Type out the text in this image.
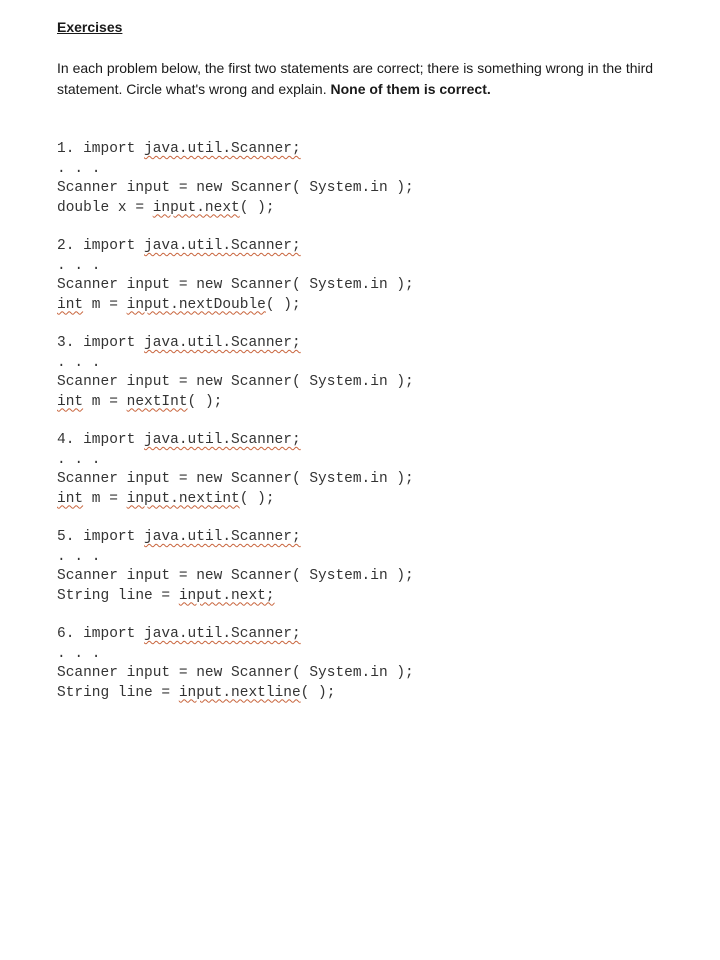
Exercises
In each problem below, the first two statements are correct; there is something wrong in the third statement. Circle what's wrong and explain. None of them is correct.
1. import java.util.Scanner;
. . .
Scanner input = new Scanner( System.in );
double x = input.next( );
2. import java.util.Scanner;
. . .
Scanner input = new Scanner( System.in );
int m = input.nextDouble( );
3. import java.util.Scanner;
. . .
Scanner input = new Scanner( System.in );
int m = nextInt( );
4. import java.util.Scanner;
. . .
Scanner input = new Scanner( System.in );
int m = input.nextint( );
5. import java.util.Scanner;
. . .
Scanner input = new Scanner( System.in );
String line = input.next;
6. import java.util.Scanner;
. . .
Scanner input = new Scanner( System.in );
String line = input.nextline( );
